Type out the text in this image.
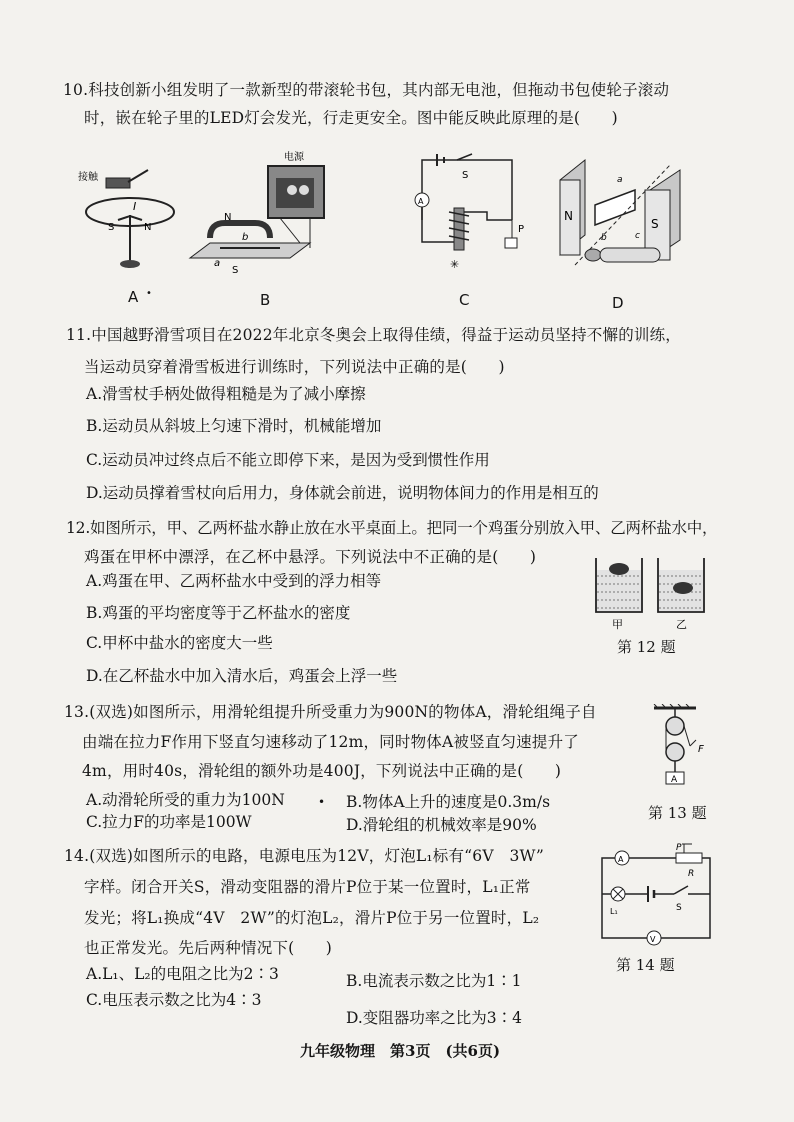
10.科技创新小组发明了一款新型的带滚轮书包，其内部无电池，但拖动书包使轮子滚动
时，嵌在轮子里的LED灯会发光，行走更安全。图中能反映此原理的是(　　)
接触
I
S	N
电源
N
S
a
b
S
A
P
✳
N
S
a
b	c
A •	B	C	D
11.中国越野滑雪项目在2022年北京冬奥会上取得佳绩，得益于运动员坚持不懈的训练，
当运动员穿着滑雪板进行训练时，下列说法中正确的是(　　)
A.滑雪杖手柄处做得粗糙是为了减小摩擦
B.运动员从斜坡上匀速下滑时，机械能增加
C.运动员冲过终点后不能立即停下来，是因为受到惯性作用
D.运动员撑着雪杖向后用力，身体就会前进，说明物体间力的作用是相互的
12.如图所示，甲、乙两杯盐水静止放在水平桌面上。把同一个鸡蛋分别放入甲、乙两杯盐水中，
鸡蛋在甲杯中漂浮，在乙杯中悬浮。下列说法中不正确的是(　　)
A.鸡蛋在甲、乙两杯盐水中受到的浮力相等
B.鸡蛋的平均密度等于乙杯盐水的密度
C.甲杯中盐水的密度大一些
D.在乙杯盐水中加入清水后，鸡蛋会上浮一些
甲	乙
第 12 题
13.(双选)如图所示，用滑轮组提升所受重力为900N的物体A，滑轮组绳子自
由端在拉力F作用下竖直匀速移动了12m，同时物体A被竖直匀速提升了
4m，用时40s，滑轮组的额外功是400J，下列说法中正确的是(　　)
A.动滑轮所受的重力为100N	B.物体A上升的速度是0.3m/s
C.拉力F的功率是100W	D.滑轮组的机械效率是90%
•
F
A
第 13 题
14.(双选)如图所示的电路，电源电压为12V，灯泡L₁标有“6V　3W”
字样。闭合开关S，滑动变阻器的滑片P位于某一位置时，L₁正常
发光；将L₁换成“4V　2W”的灯泡L₂，滑片P位于另一位置时，L₂
也正常发光。先后两种情况下(　　)
A.L₁、L₂的电阻之比为2∶3	B.电流表示数之比为1∶1
C.电压表示数之比为4∶3
D.变阻器功率之比为3∶4
A
P
R
L₁	S
V
第 14 题
九年级物理　第3页　(共6页)
